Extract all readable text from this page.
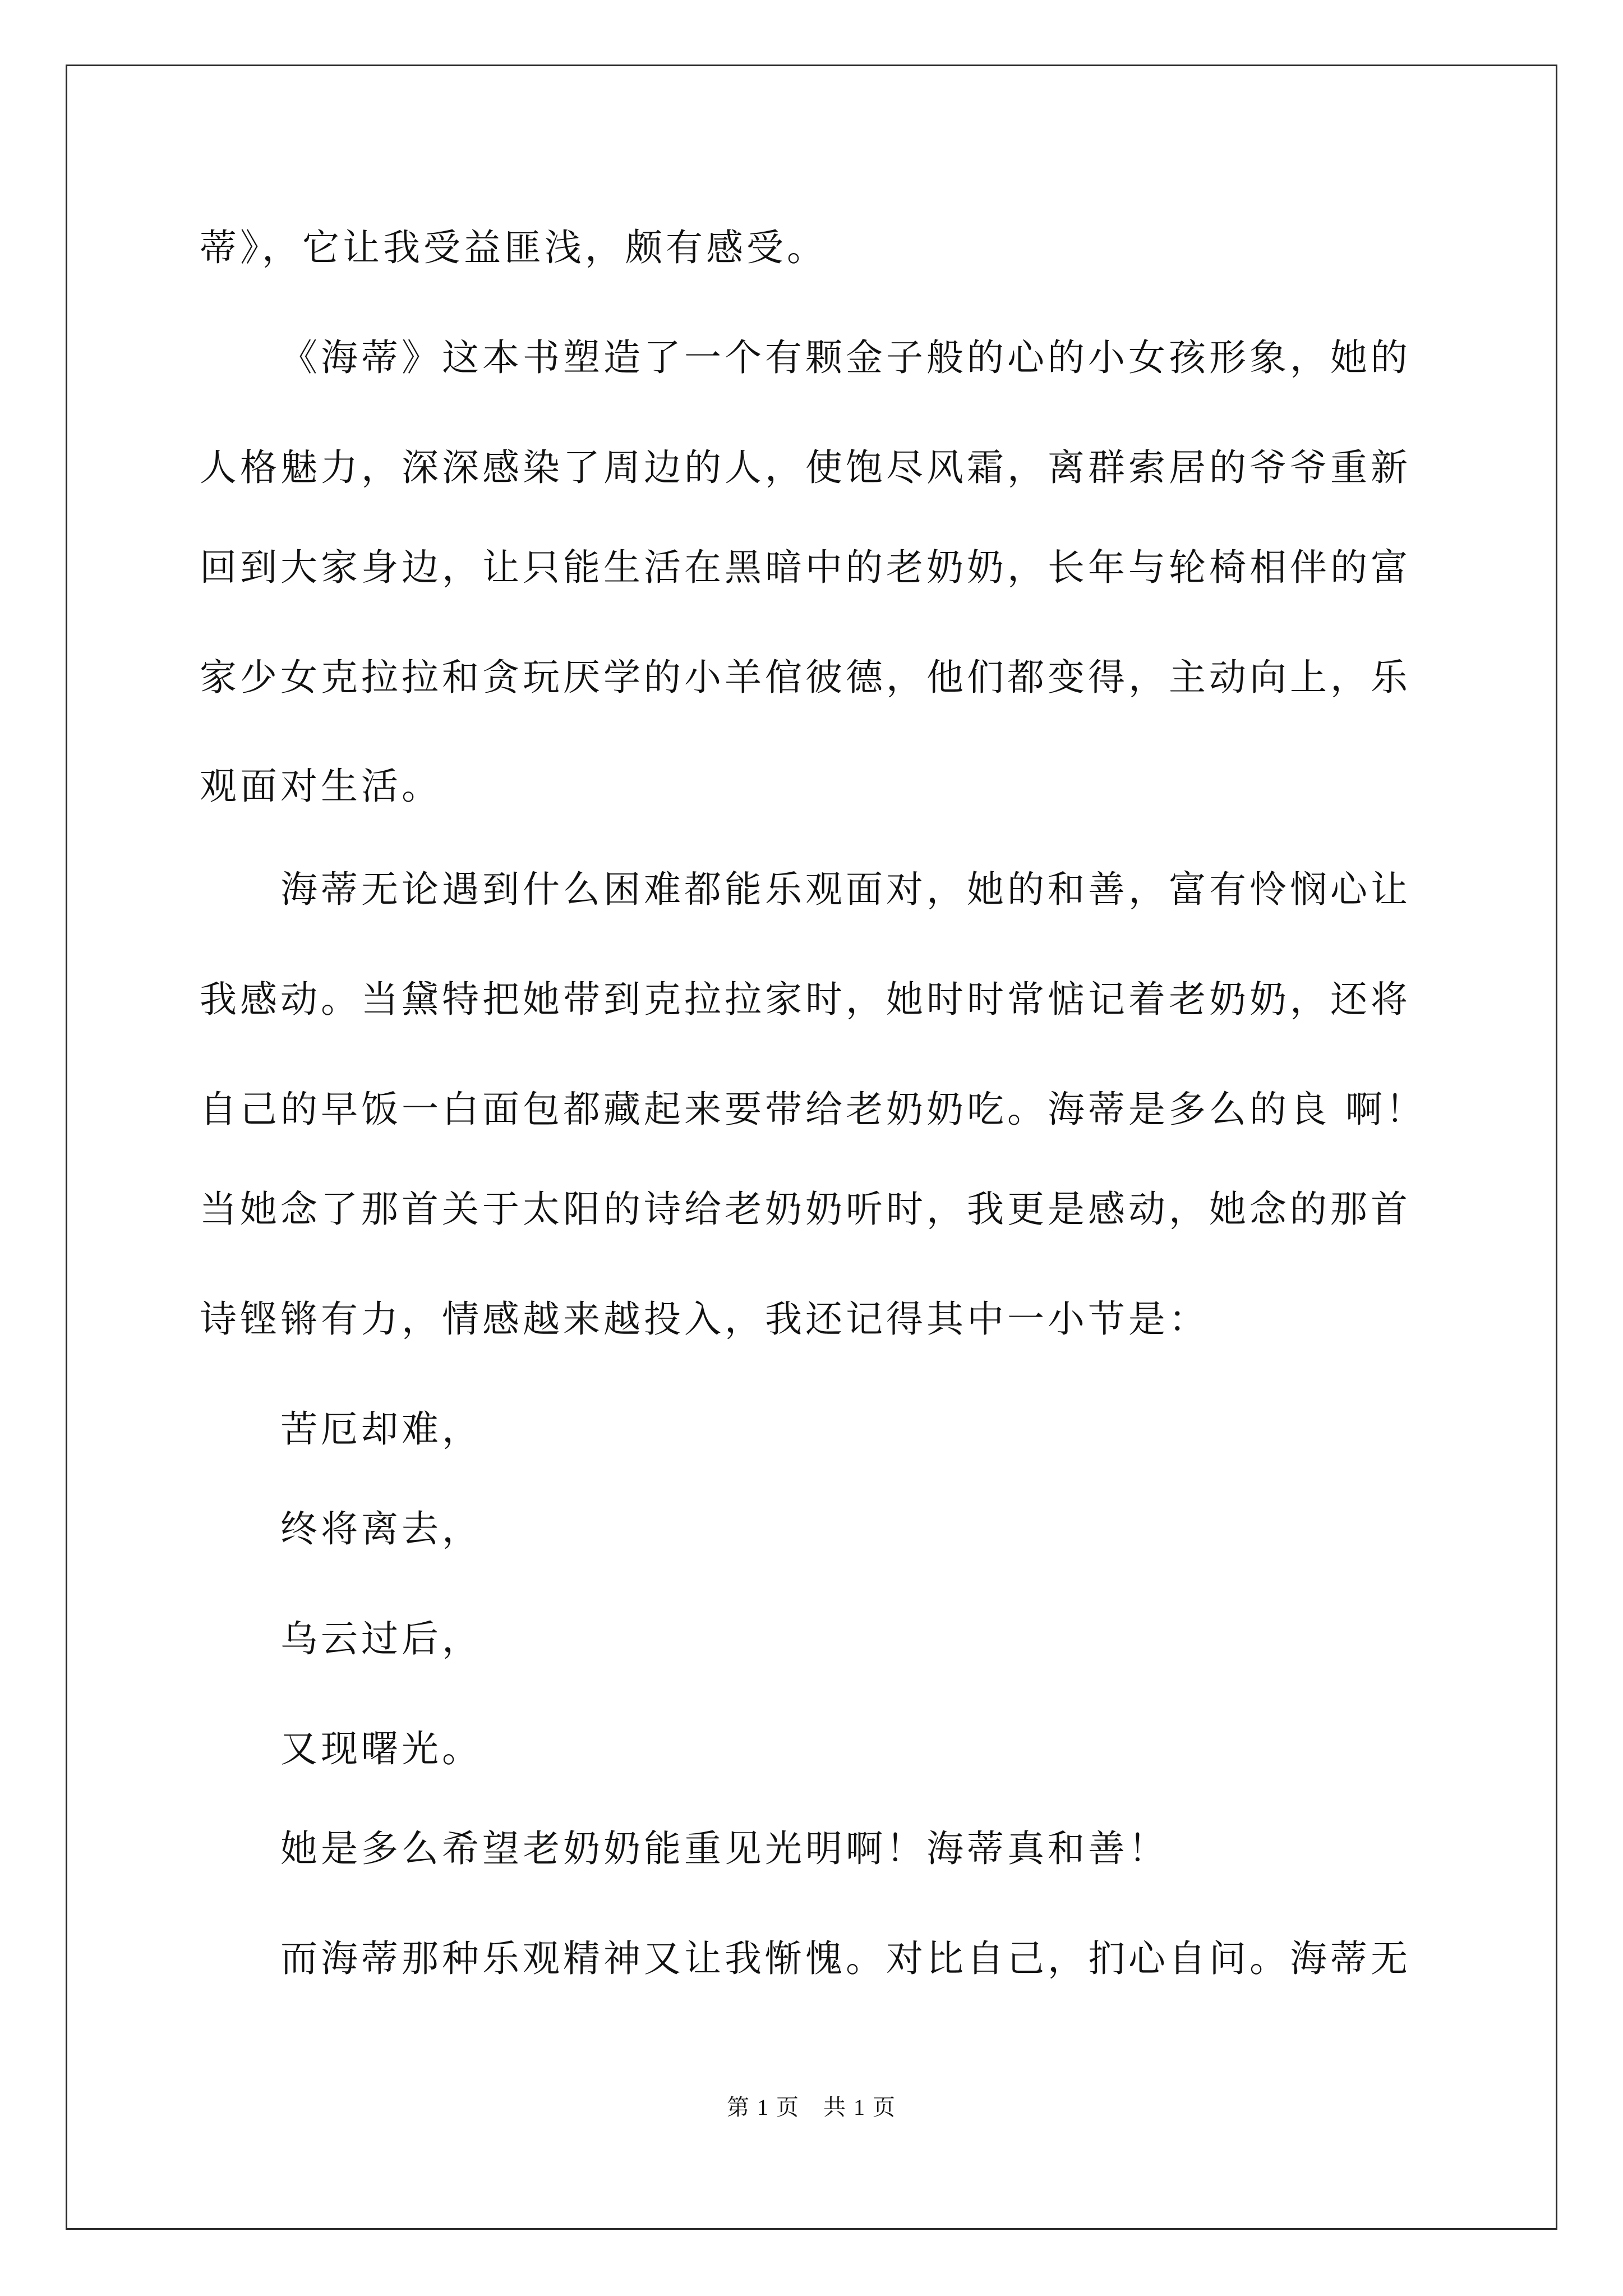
蒂》，它让我受益匪浅，颇有感受。
《海蒂》这本书塑造了一个有颗金子般的心的小女孩形象，她的
人格魅力，深深感染了周边的人，使饱尽风霜，离群索居的爷爷重新
回到大家身边，让只能生活在黑暗中的老奶奶，长年与轮椅相伴的富
家少女克拉拉和贪玩厌学的小羊倌彼德，他们都变得，主动向上，乐
观面对生活。
海蒂无论遇到什么困难都能乐观面对，她的和善，富有怜悯心让
我感动。当黛特把她带到克拉拉家时，她时时常惦记着老奶奶，还将
自己的早饭一白面包都藏起来要带给老奶奶吃。海蒂是多么的良 啊！
当她念了那首关于太阳的诗给老奶奶听时，我更是感动，她念的那首
诗铿锵有力，情感越来越投入，我还记得其中一小节是：
苦厄却难，
终将离去，
乌云过后，
又现曙光。
她是多么希望老奶奶能重见光明啊！海蒂真和善！
而海蒂那种乐观精神又让我惭愧。对比自己，扪心自问。海蒂无
第 1 页　共 1 页
